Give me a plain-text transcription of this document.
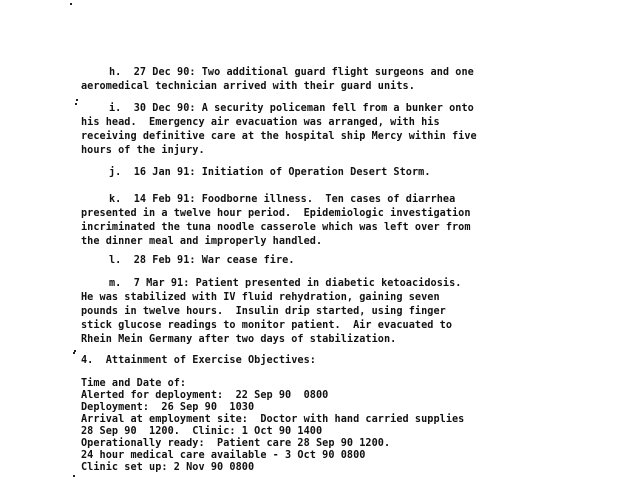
h.  27 Dec 90: Two additional guard flight surgeons and one
aeromedical technician arrived with their guard units.
i.  30 Dec 90: A security policeman fell from a bunker onto
his head.  Emergency air evacuation was arranged, with his
receiving definitive care at the hospital ship Mercy within five
hours of the injury.
j.  16 Jan 91: Initiation of Operation Desert Storm.
k.  14 Feb 91: Foodborne illness.  Ten cases of diarrhea
presented in a twelve hour period.  Epidemiologic investigation
incriminated the tuna noodle casserole which was left over from
the dinner meal and improperly handled.
l.  28 Feb 91: War cease fire.
m.  7 Mar 91: Patient presented in diabetic ketoacidosis.
He was stabilized with IV fluid rehydration, gaining seven
pounds in twelve hours.  Insulin drip started, using finger
stick glucose readings to monitor patient.  Air evacuated to
Rhein Mein Germany after two days of stabilization.
4.  Attainment of Exercise Objectives:
Time and Date of:
Alerted for deployment:  22 Sep 90  0800
Deployment:  26 Sep 90  1030
Arrival at employment site:  Doctor with hand carried supplies
28 Sep 90  1200.  Clinic: 1 Oct 90 1400
Operationally ready:  Patient care 28 Sep 90 1200.
24 hour medical care available - 3 Oct 90 0800
Clinic set up: 2 Nov 90 0800
